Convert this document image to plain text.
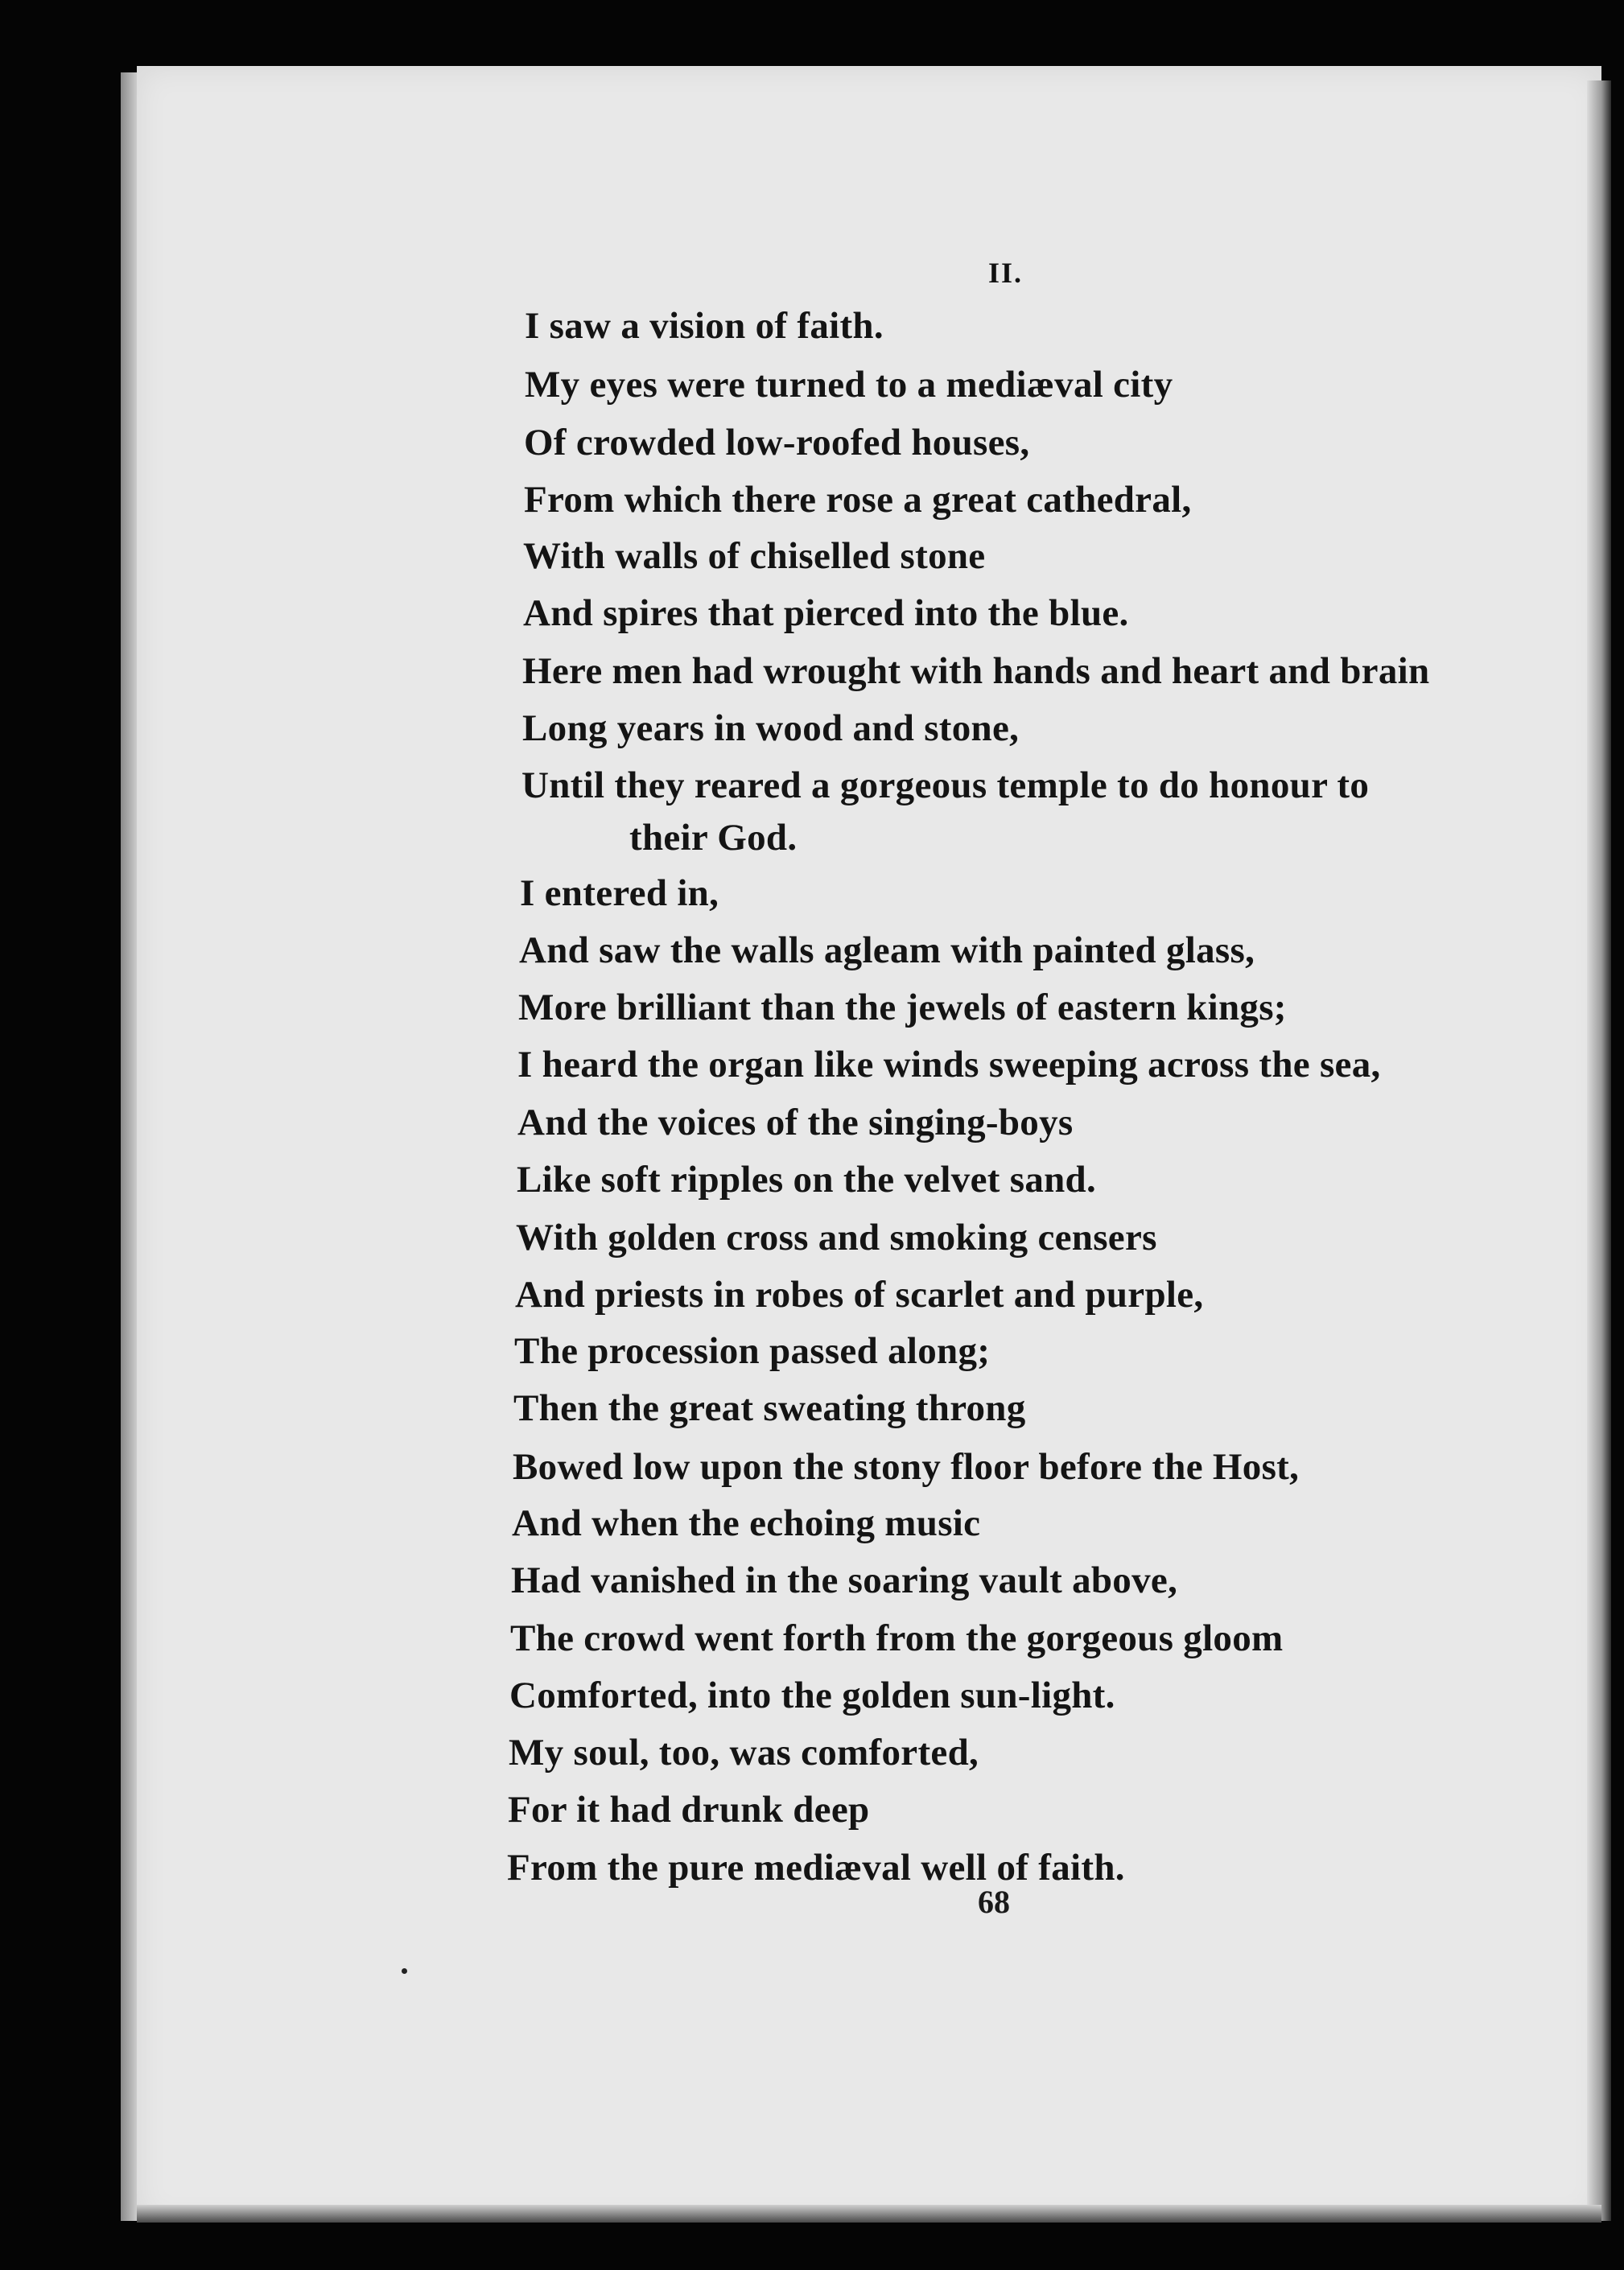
II.
I saw a vision of faith.
My eyes were turned to a mediæval city
Of crowded low-roofed houses,
From which there rose a great cathedral,
With walls of chiselled stone
And spires that pierced into the blue.
Here men had wrought with hands and heart and brain
Long years in wood and stone,
Until they reared a gorgeous temple to do honour to
their God.
I entered in,
And saw the walls agleam with painted glass,
More brilliant than the jewels of eastern kings;
I heard the organ like winds sweeping across the sea,
And the voices of the singing-boys
Like soft ripples on the velvet sand.
With golden cross and smoking censers
And priests in robes of scarlet and purple,
The procession passed along;
Then the great sweating throng
Bowed low upon the stony floor before the Host,
And when the echoing music
Had vanished in the soaring vault above,
The crowd went forth from the gorgeous gloom
Comforted, into the golden sun-light.
My soul, too, was comforted,
For it had drunk deep
From the pure mediæval well of faith.
68
